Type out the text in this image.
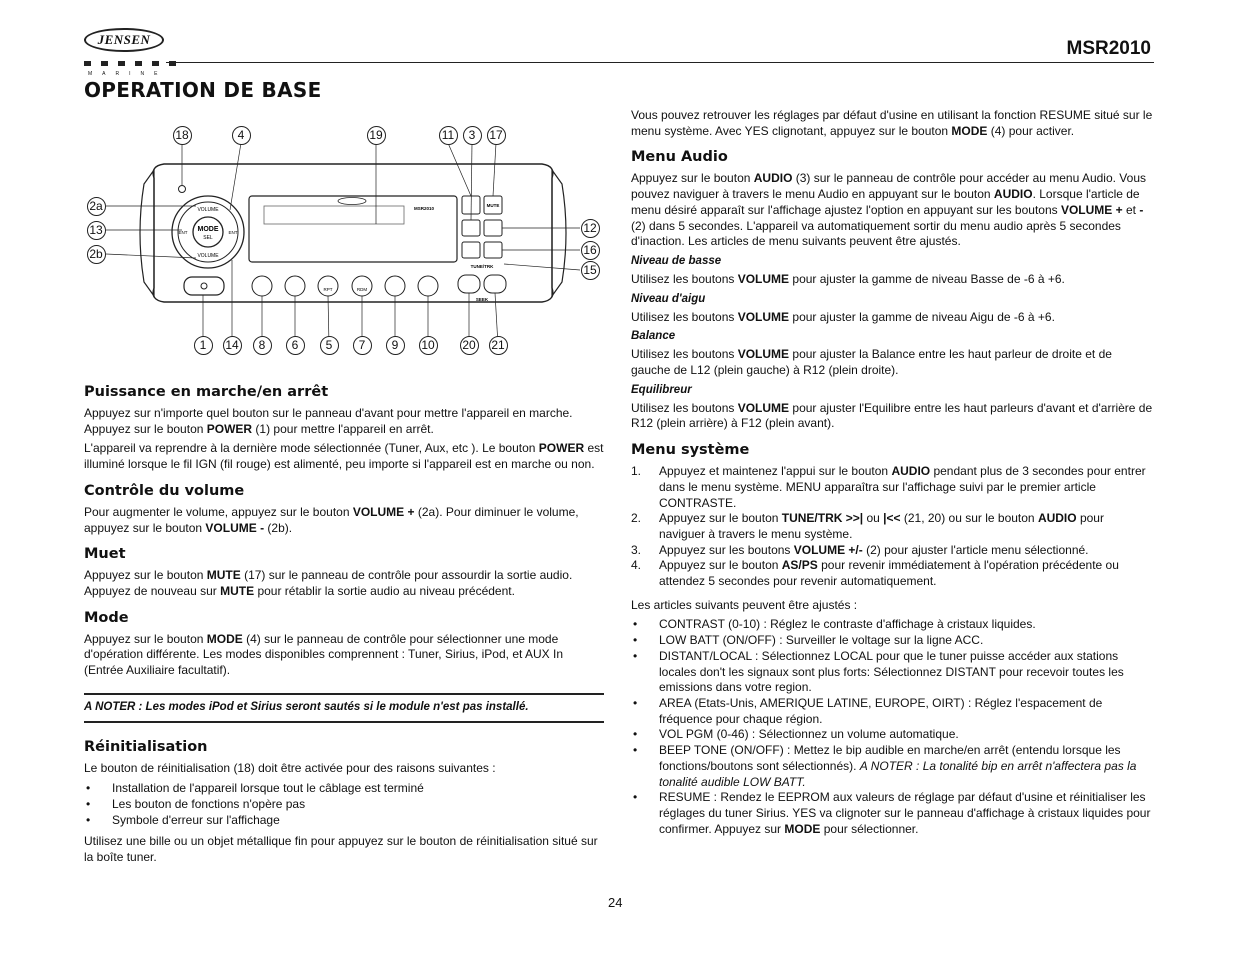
JENSEN
MARINE
MSR2010
OPERATION DE BASE
MODE
SEL
VOLUME
VOLUME
ENT	ENT
MSR2010
MUTE
TUNE/TRK
SEEK
RPT	RDM
18	4	19	11	3	17
2a
13
2b
12
16
15
1	14	8	6	5	7	9	10 20 21
Puissance en marche/en arrêt

Appuyez sur n'importe quel bouton sur le panneau d'avant pour mettre l'appareil en marche. Appuyez sur le bouton POWER (1) pour mettre l'appareil en arrêt.

L'appareil va reprendre à la dernière mode sélectionnée (Tuner, Aux, etc ). Le bouton POWER est illuminé lorsque le fil IGN (fil rouge) est alimenté, peu importe si l'appareil est en marche ou non.

Contrôle du volume

Pour augmenter le volume, appuyez sur le bouton VOLUME + (2a). Pour diminuer le volume, appuyez sur le bouton VOLUME - (2b).

Muet

Appuyez sur le bouton MUTE (17) sur le panneau de contrôle pour assourdir la sortie audio. Appuyez de nouveau sur MUTE pour rétablir la sortie audio au niveau précédent.

Mode

Appuyez sur le bouton MODE (4) sur le panneau de contrôle pour sélectionner une mode d'opération différente. Les modes disponibles comprennent : Tuner, Sirius, iPod, et AUX In (Entrée Auxiliaire facultatif).

A NOTER : Les modes iPod et Sirius seront sautés si le module n'est pas installé.

Réinitialisation

Le bouton de réinitialisation (18) doit être activée pour des raisons suivantes :

• Installation de l'appareil lorsque tout le câblage est terminé
• Les bouton de fonctions n'opère pas
• Symbole d'erreur sur l'affichage

Utilisez une bille ou un objet métallique fin pour appuyez sur le bouton de réinitialisation situé sur la boîte tuner.

Vous pouvez retrouver les réglages par défaut d'usine en utilisant la fonction RESUME situé sur le menu système. Avec YES clignotant, appuyez sur le bouton MODE (4) pour activer.

Menu Audio

Appuyez sur le bouton AUDIO (3) sur le panneau de contrôle pour accéder au menu Audio. Vous pouvez naviguer à travers le menu Audio en appuyant sur le bouton AUDIO. Lorsque l'article de menu désiré apparaît sur l'affichage ajustez l'option en appuyant sur les boutons VOLUME + et - (2) dans 5 secondes. L'appareil va automatiquement sortir du menu audio après 5 secondes d'inaction. Les articles de menu suivants peuvent être ajustés.

Niveau de basse

Utilisez les boutons VOLUME pour ajuster la gamme de niveau Basse de -6 à +6.

Niveau d'aigu

Utilisez les boutons VOLUME pour ajuster la gamme de niveau Aigu de -6 à +6.

Balance

Utilisez les boutons VOLUME pour ajuster la Balance entre les haut parleur de droite et de gauche de L12 (plein gauche) à R12 (plein droite).

Equilibreur

Utilisez les boutons VOLUME pour ajuster l'Equilibre entre les haut parleurs d'avant et d'arrière de R12 (plein arrière) à F12 (plein avant).

Menu système
1. Appuyez et maintenez l'appui sur le bouton AUDIO pendant plus de 3 secondes pour entrer dans le menu système. MENU apparaîtra sur l'affichage suivi par le premier article CONTRASTE.
2. Appuyez sur le bouton TUNE/TRK >>| ou |<< (21, 20) ou sur le bouton AUDIO pour naviguer à travers le menu système.
3. Appuyez sur les boutons VOLUME +/- (2) pour ajuster l'article menu sélectionné.
4. Appuyez sur le bouton AS/PS pour revenir immédiatement à l'opération précédente ou attendez 5 secondes pour revenir automatiquement.

Les articles suivants peuvent être ajustés :

• CONTRAST (0-10) : Réglez le contraste d'affichage à cristaux liquides.
• LOW BATT (ON/OFF) : Surveiller le voltage sur la ligne ACC.
• DISTANT/LOCAL : Sélectionnez LOCAL pour que le tuner puisse accéder aux stations locales don't les signaux sont plus forts: Sélectionnez DISTANT pour recevoir toutes les emissions dans votre region.
• AREA (Etats-Unis, AMERIQUE LATINE, EUROPE, OIRT) : Réglez l'espacement de fréquence pour chaque région.
• VOL PGM (0-46) : Sélectionnez un volume automatique.
• BEEP TONE (ON/OFF) : Mettez le bip audible en marche/en arrêt (entendu lorsque les fonctions/boutons sont sélectionnés). A NOTER : La tonalité bip en arrêt n'affectera pas la tonalité audible LOW BATT.
• RESUME : Rendez le EEPROM aux valeurs de réglage par défaut d'usine et réinitialiser les réglages du tuner Sirius. YES va clignoter sur le panneau d'affichage à cristaux liquides pour confirmer. Appuyez sur MODE pour sélectionner.
24
